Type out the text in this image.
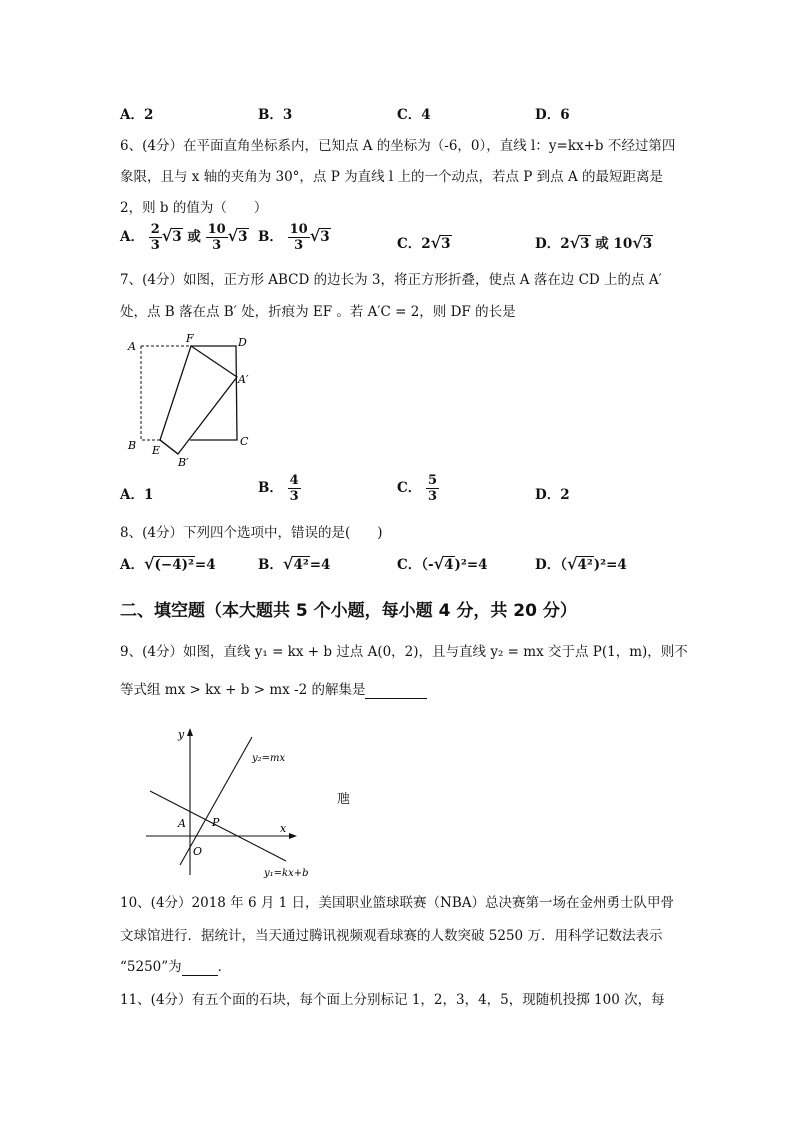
A．2	B．3	C．4	D．6
6、(4分）在平面直角坐标系内，已知点 A 的坐标为（-6，0），直线 l：y=kx+b 不经过第四
象限，且与 x 轴的夹角为 30°，点 P 为直线 l 上的一个动点，若点 P 到点 A 的最短距离是
2，则 b 的值为（　　）
A． $\frac{2}{3} √3$ 或 $\frac{10}{3} √3$ B． $\frac{10}{3} √3$	C．2√3	D．2√3 或 10√3
7、(4分）如图，正方形 ABCD 的边长为 3，将正方形折叠，使点 A 落在边 CD 上的点 A′
处，点 B 落在点 B′ 处，折痕为 EF 。若 A′C = 2，则 DF 的长是
A
F	D
A′
B E
B′
C
A．1	B． $\frac{4}{3}$	C． $\frac{5}{3}$	D．2
8、(4分）下列四个选项中，错误的是(　　)
A．√(−4)²=4	B．√4²=4	C．（-√4)²=4	D．（√4²)²=4
二、填空题（本大题共 5 个小题，每小题 4 分，共 20 分）
9、(4分）如图，直线 y₁ = kx + b 过点 A(0，2)，且与直线 y₂ = mx 交于点 P(1，m)，则不
等式组 mx > kx + b > mx -2 的解集是
y
y₂=mx
A P	x
O
y₁=kx+b
虺
10、(4分）2018 年 6 月 1 日，美国职业篮球联赛（NBA）总决赛第一场在金州勇士队甲骨
文球馆进行．据统计，当天通过腾讯视频观看球赛的人数突破 5250 万．用科学记数法表示
“5250”为	．
11、(4分）有五个面的石块，每个面上分别标记 1，2，3，4，5，现随机投掷 100 次，每
